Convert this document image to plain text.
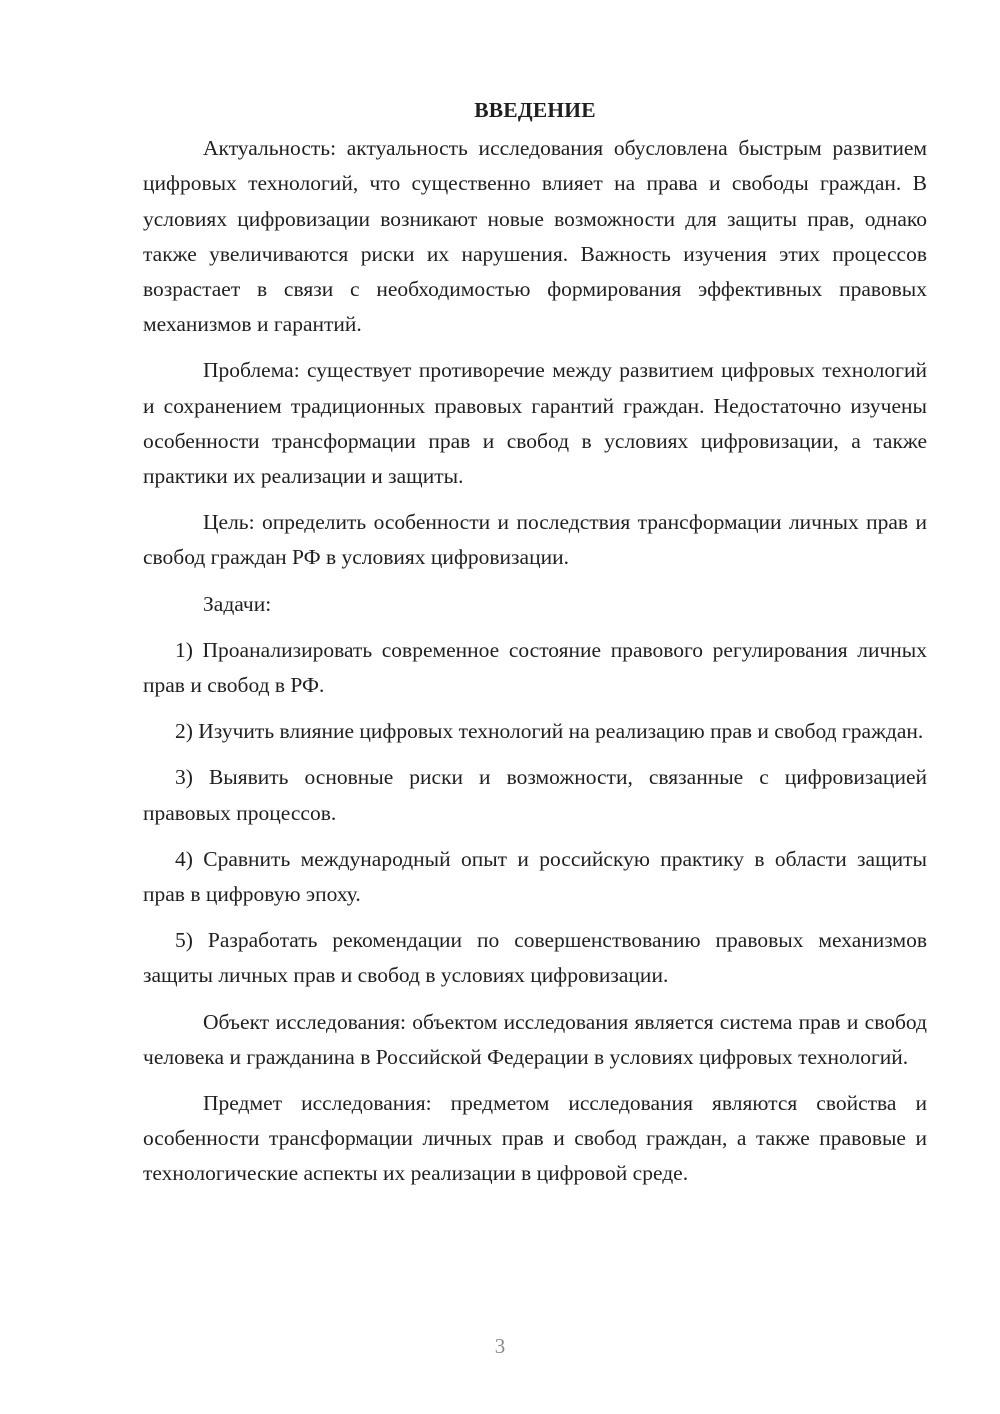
ВВЕДЕНИЕ

Актуальность: актуальность исследования обусловлена быстрым развитием цифровых технологий, что существенно влияет на права и свободы граждан. В условиях цифровизации возникают новые возможности для защиты прав, однако также увеличиваются риски их нарушения. Важность изучения этих процессов возрастает в связи с необходимостью формирования эффективных правовых механизмов и гарантий.

Проблема: существует противоречие между развитием цифровых технологий и сохранением традиционных правовых гарантий граждан. Недостаточно изучены особенности трансформации прав и свобод в условиях цифровизации, а также практики их реализации и защиты.

Цель: определить особенности и последствия трансформации личных прав и свобод граждан РФ в условиях цифровизации.

Задачи:

1) Проанализировать современное состояние правового регулирования личных прав и свобод в РФ.

2) Изучить влияние цифровых технологий на реализацию прав и свобод граждан.

3) Выявить основные риски и возможности, связанные с цифровизацией правовых процессов.

4) Сравнить международный опыт и российскую практику в области защиты прав в цифровую эпоху.

5) Разработать рекомендации по совершенствованию правовых механизмов защиты личных прав и свобод в условиях цифровизации.

Объект исследования: объектом исследования является система прав и свобод человека и гражданина в Российской Федерации в условиях цифровых технологий.

Предмет исследования: предметом исследования являются свойства и особенности трансформации личных прав и свобод граждан, а также правовые и технологические аспекты их реализации в цифровой среде.

3
